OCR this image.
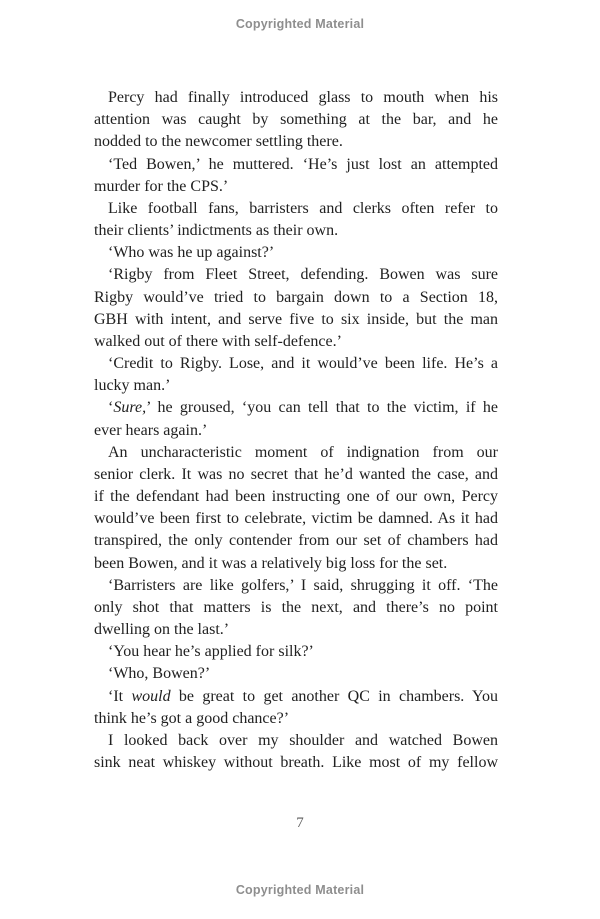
Copyrighted Material
Percy had finally introduced glass to mouth when his
attention was caught by something at the bar, and he
nodded to the newcomer settling there.
‘Ted Bowen,’ he muttered. ‘He’s just lost an attempted
murder for the CPS.’
Like football fans, barristers and clerks often refer to
their clients’ indictments as their own.
‘Who was he up against?’
‘Rigby from Fleet Street, defending. Bowen was sure
Rigby would’ve tried to bargain down to a Section 18,
GBH with intent, and serve five to six inside, but the man
walked out of there with self-defence.’
‘Credit to Rigby. Lose, and it would’ve been life. He’s a
lucky man.’
‘Sure,’ he groused, ‘you can tell that to the victim, if he
ever hears again.’
An uncharacteristic moment of indignation from our
senior clerk. It was no secret that he’d wanted the case, and
if the defendant had been instructing one of our own, Percy
would’ve been first to celebrate, victim be damned. As it had
transpired, the only contender from our set of chambers had
been Bowen, and it was a relatively big loss for the set.
‘Barristers are like golfers,’ I said, shrugging it off. ‘The
only shot that matters is the next, and there’s no point
dwelling on the last.’
‘You hear he’s applied for silk?’
‘Who, Bowen?’
‘It would be great to get another QC in chambers. You
think he’s got a good chance?’
I looked back over my shoulder and watched Bowen
sink neat whiskey without breath. Like most of my fellow
7
Copyrighted Material
